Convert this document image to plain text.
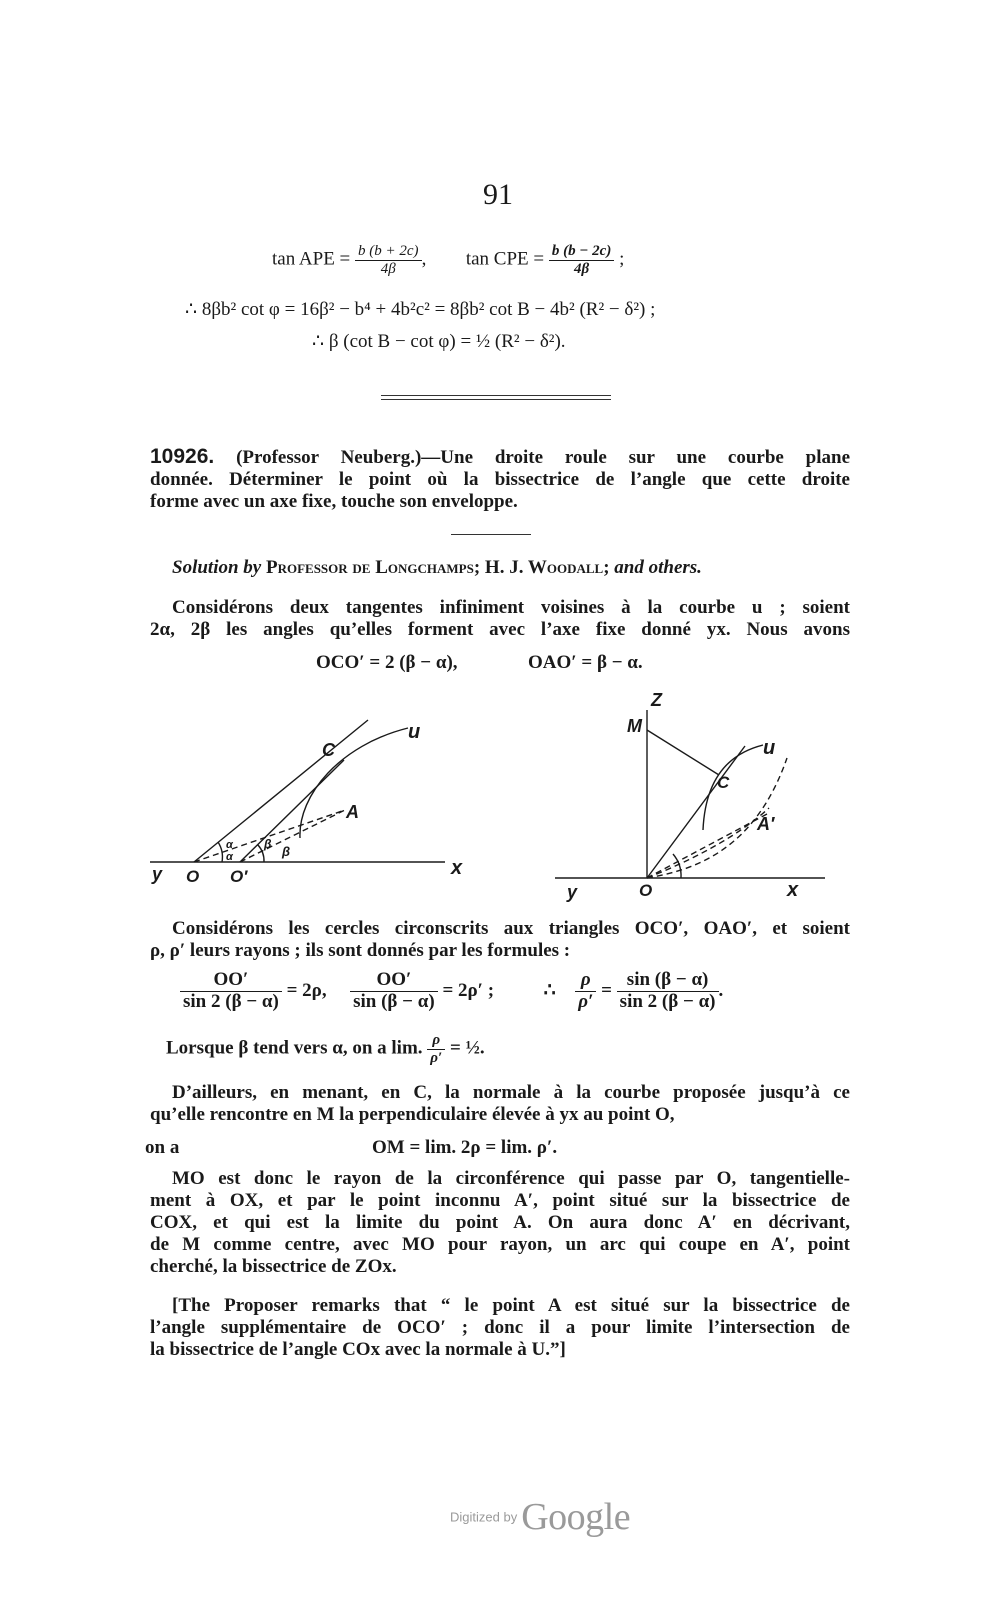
91
tan APE = $\frac{b (b + 2c)}{4\beta}$ , tan CPE = $\frac{b (b - 2c)}{4\beta}$ ;
∴ 8βb² cot φ = 16β² − b⁴ + 4b²c² = 8βb² cot B − 4b² (R² − δ²) ;
∴ β (cot B − cot φ) = ½ (R² − δ²).
10926. (Professor Neuberg.)—Une droite roule sur une courbe plane
donnée. Déterminer le point où la bissectrice de l’angle que cette droite
forme avec un axe fixe, touche son enveloppe.
Solution by Professor de Longchamps; H. J. Woodall; and others.
Considérons deux tangentes infiniment voisines à la courbe u ; soient
2α, 2β les angles qu’elles forment avec l’axe fixe donné yx. Nous avons
OCO′ = 2 (β − α),	OAO′ = β − α.
C
u
A
y O O′	x
α
α
β β
Z
M
C
u
A′
y	O	x
Considérons les cercles circonscrits aux triangles OCO′, OAO′, et soient
ρ, ρ′ leurs rayons ; ils sont donnés par les formules :
$\frac{OO'}{\sin 2 (\beta - \alpha)} = 2\rho$, $\frac{OO'}{\sin (\beta - \alpha)} = 2\rho'$ ;	∴ $\frac{\rho}{\rho'} = \frac{\sin (\beta - \alpha)}{\sin 2 (\beta - \alpha)}$ .
Lorsque β tend vers α, on a lim. $\frac{\rho}{\rho'}$ = ½.
D’ailleurs, en menant, en C, la normale à la courbe proposée jusqu’à ce
qu’elle rencontre en M la perpendiculaire élevée à yx au point O,
on a	OM = lim. 2ρ = lim. ρ′.
MO est donc le rayon de la circonférence qui passe par O, tangentielle-
ment à OX, et par le point inconnu A′, point situé sur la bissectrice de
COX, et qui est la limite du point A. On aura donc A′ en décrivant,
de M comme centre, avec MO pour rayon, un arc qui coupe en A′, point
cherché, la bissectrice de ZOx.
[The Proposer remarks that “ le point A est situé sur la bissectrice de
l’angle supplémentaire de OCO′ ; donc il a pour limite l’intersection de
la bissectrice de l’angle COx avec la normale à U.”]
Digitized by Google
